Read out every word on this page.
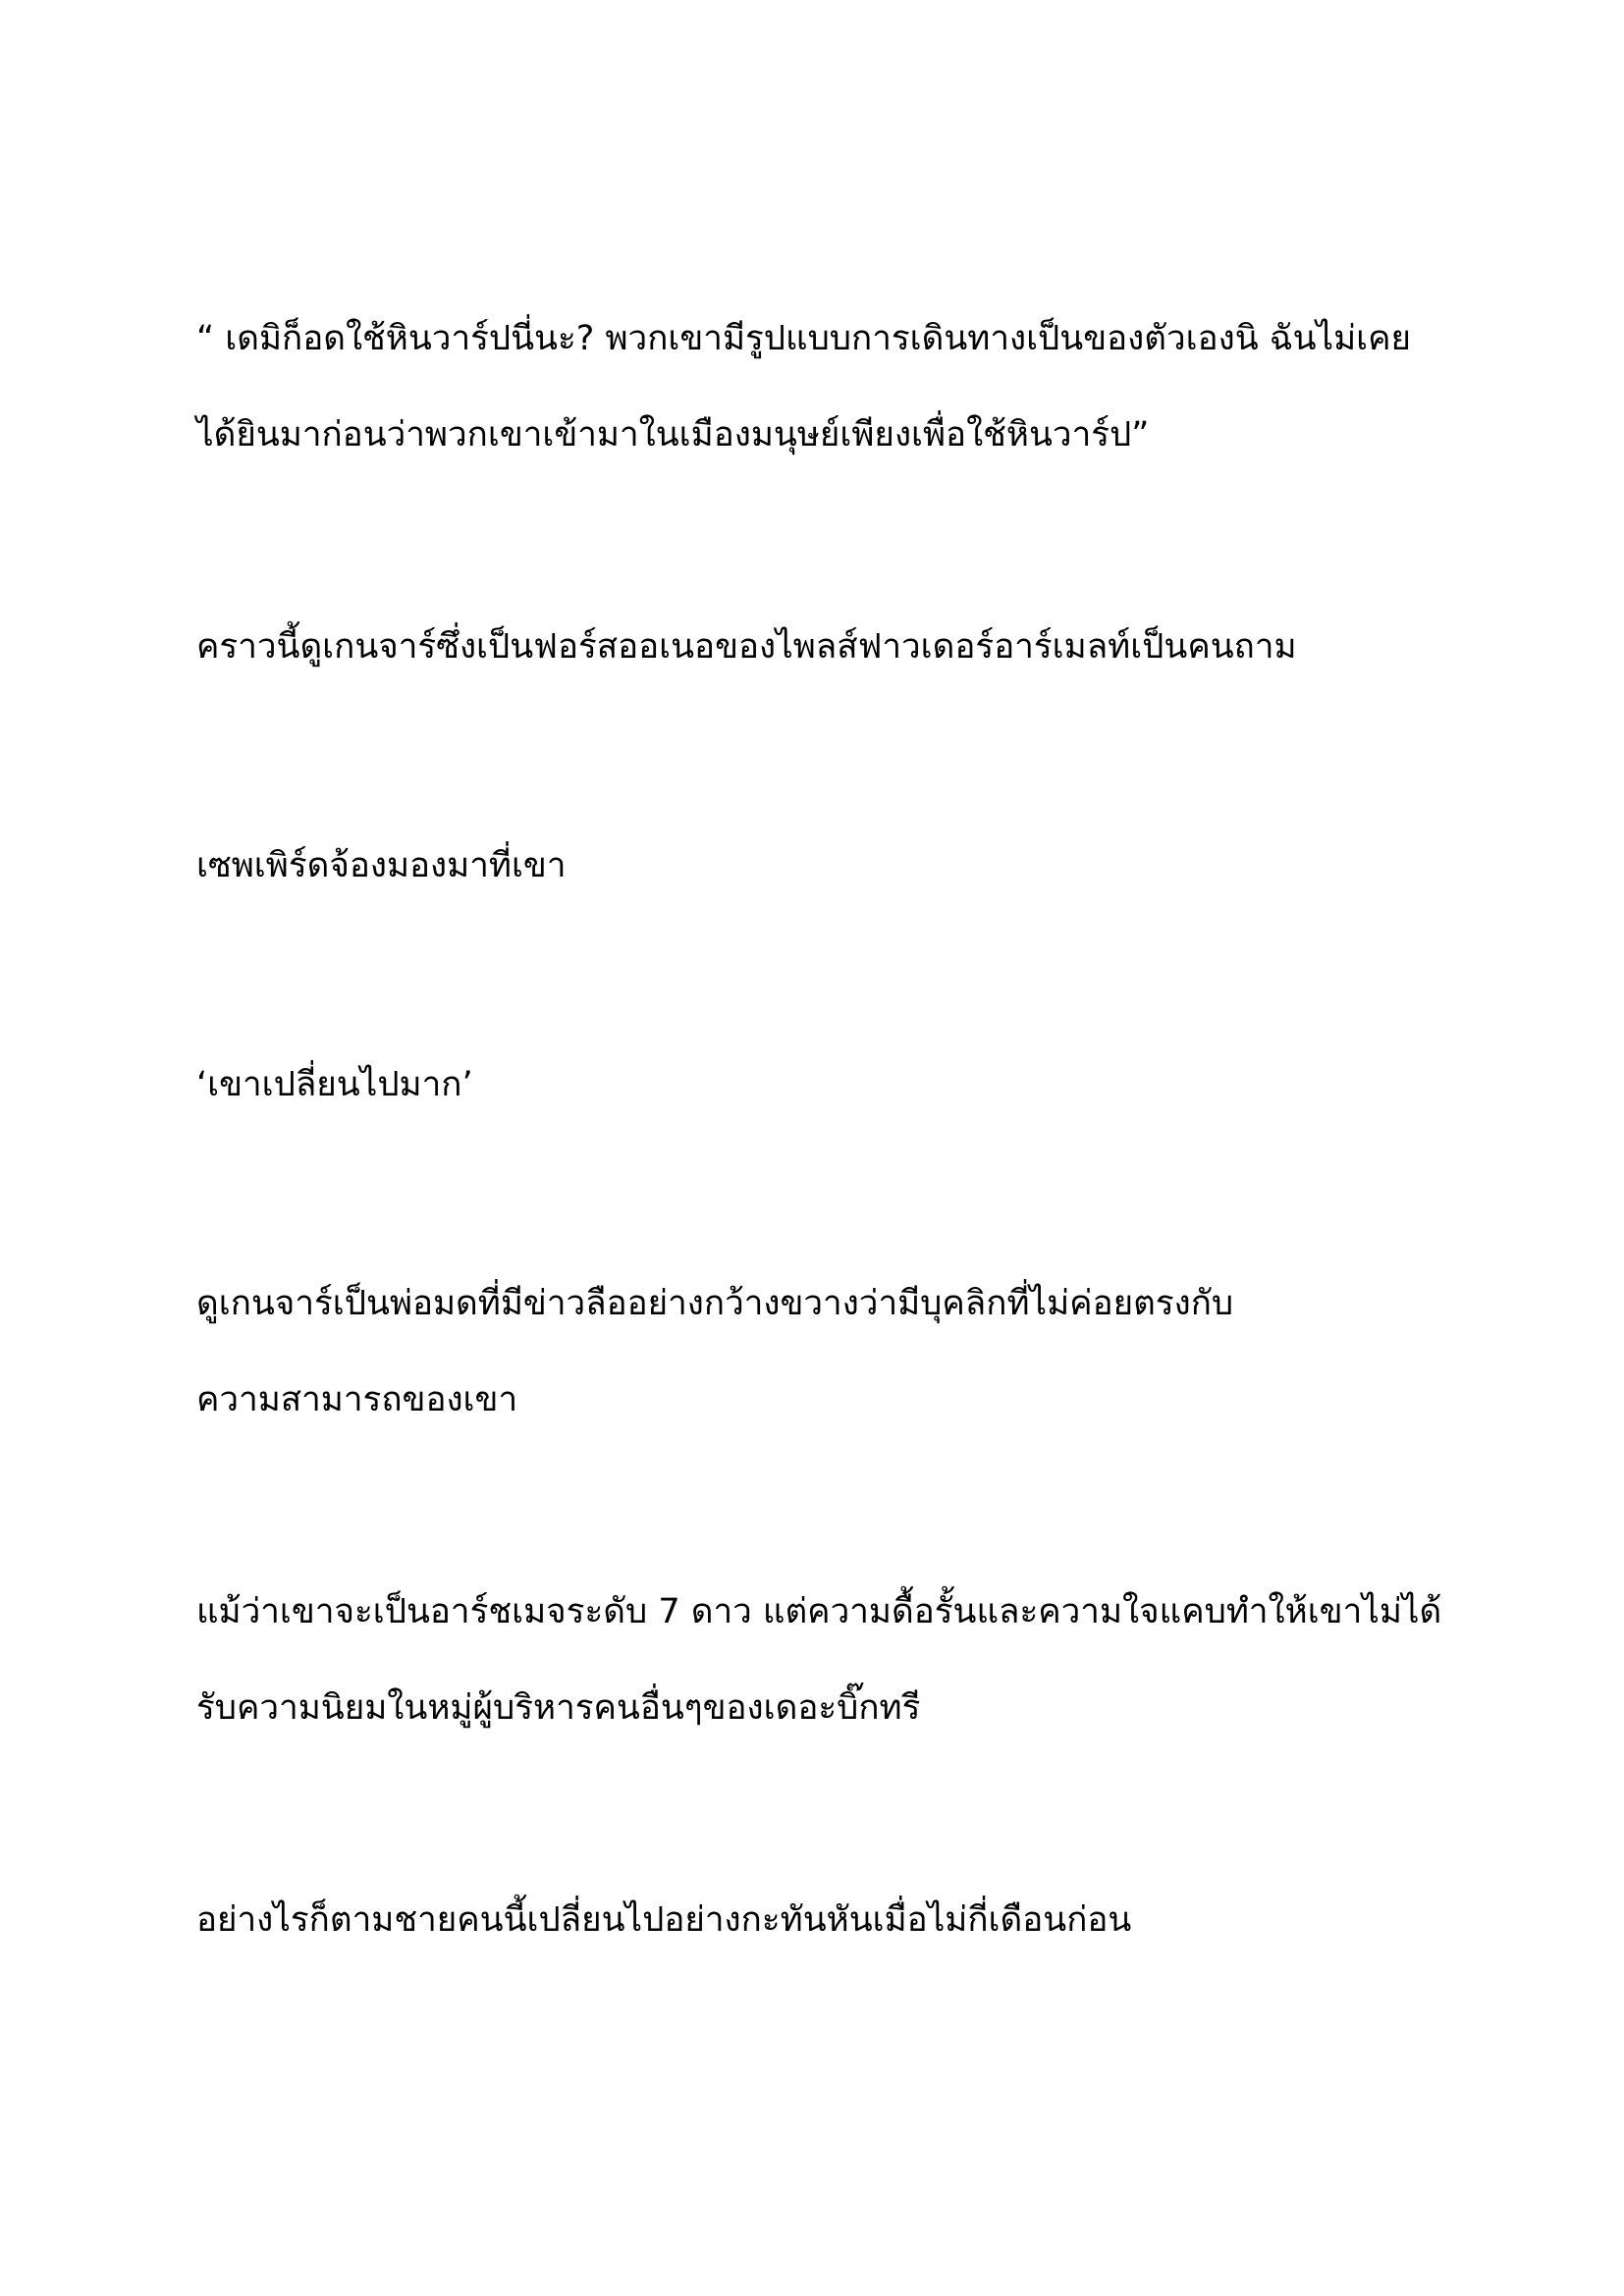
“ เดมิก็อดใช้หินวาร์ปนี่นะ? พวกเขามีรูปแบบการเดินทางเป็นของตัวเองนิ ฉันไม่เคย
ได้ยินมาก่อนว่าพวกเขาเข้ามาในเมืองมนุษย์เพียงเพื่อใช้หินวาร์ป”
คราวนี้ดูเกนจาร์ซึ่งเป็นฟอร์สออเนอของไพลส์ฟาวเดอร์อาร์เมลท์เป็นคนถาม
เซพเพิร์ดจ้องมองมาที่เขา
‘เขาเปลี่ยนไปมาก’
ดูเกนจาร์เป็นพ่อมดที่มีข่าวลืออย่างกว้างขวางว่ามีบุคลิกที่ไม่ค่อยตรงกับ
ความสามารถของเขา
แม้ว่าเขาจะเป็นอาร์ชเมจระดับ 7 ดาว แต่ความดื้อรั้นและความใจแคบทำให้เขาไม่ได้
รับความนิยมในหมู่ผู้บริหารคนอื่นๆของเดอะบิ๊กทรี
อย่างไรก็ตามชายคนนี้เปลี่ยนไปอย่างกะทันหันเมื่อไม่กี่เดือนก่อน
